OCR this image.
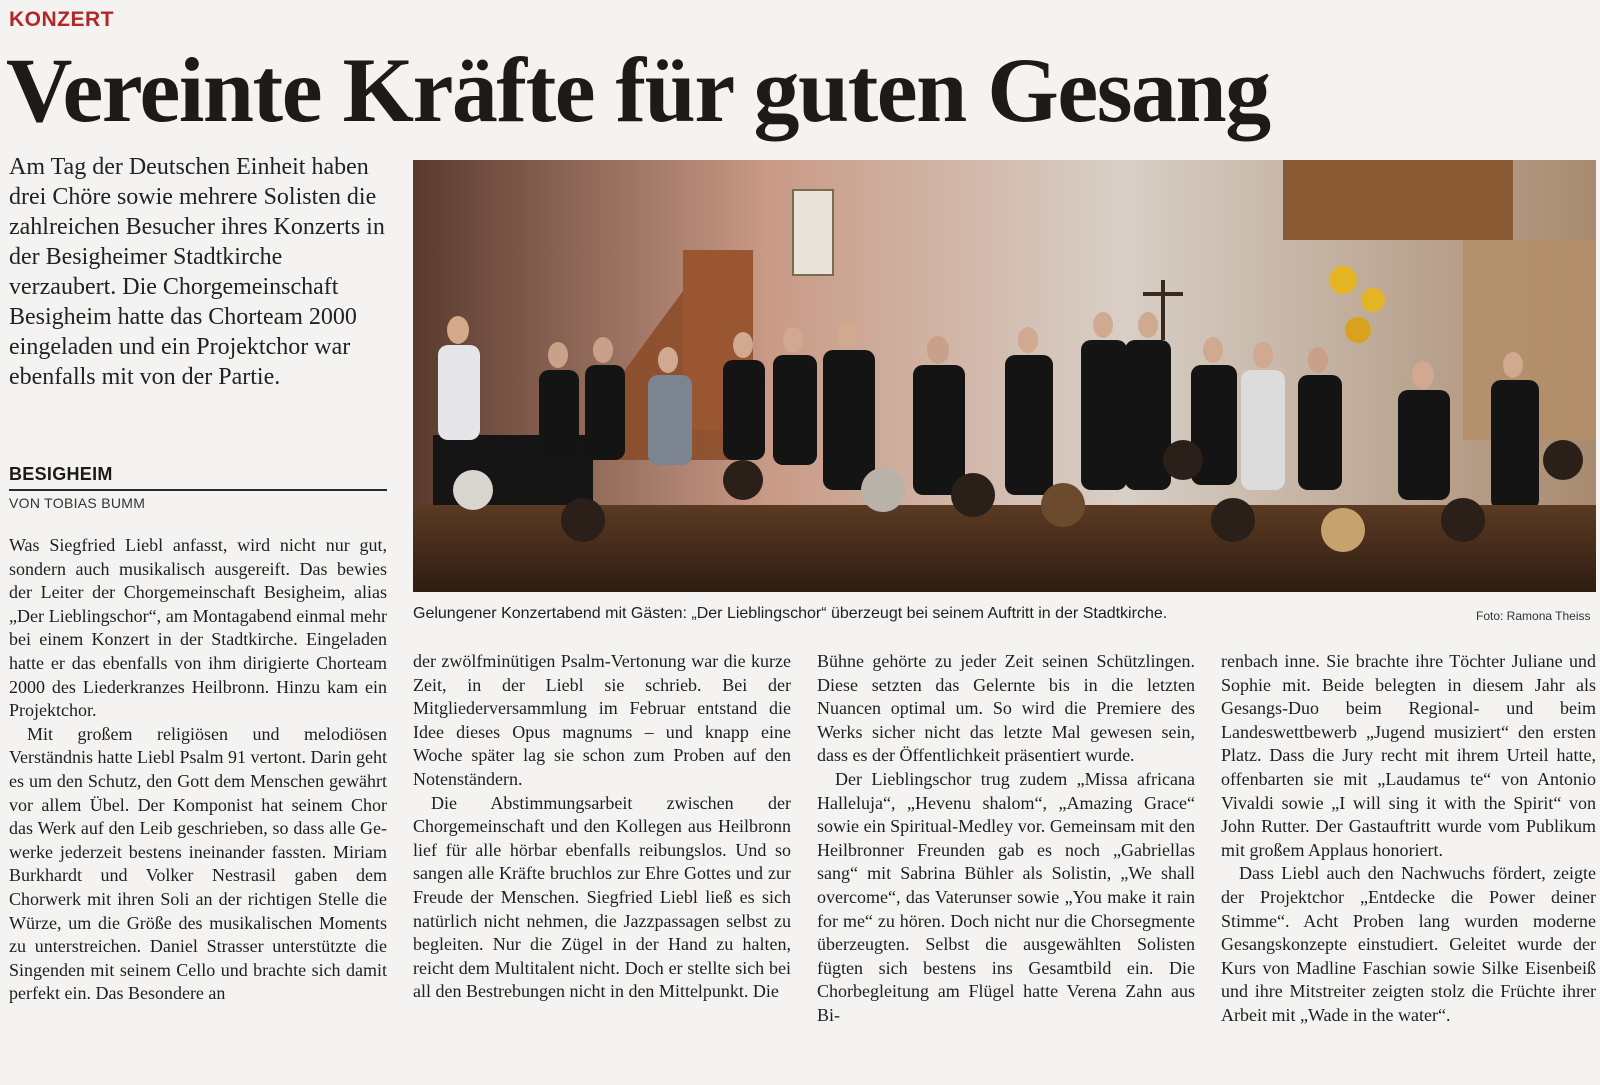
KONZERT
Vereinte Kräfte für guten Gesang
Am Tag der Deutschen Einheit haben drei Chöre sowie mehrere Solisten die zahlreichen Besucher ihres Konzerts in der Besigheimer Stadtkirche verzaubert. Die Chorgemeinschaft Besigheim hatte das Chorteam 2000 eingeladen und ein Projektchor war ebenfalls mit von der Partie.
BESIGHEIM
VON TOBIAS BUMM
Gelungener Konzertabend mit Gästen: „Der Lieblingschor“ überzeugt bei seinem Auftritt in der Stadtkirche.	Foto: Ramona Theiss

Was Siegfried Liebl anfasst, wird nicht nur gut, sondern auch musikalisch ausgereift. Das bewies der Leiter der Chorgemeinschaft Besigheim, alias „Der Lieblingschor“, am Montagabend einmal mehr bei einem Konzert in der Stadtkirche. Eingeladen hatte er das ebenfalls von ihm dirigierte Chorteam 2000 des Liederkranzes Heilbronn. Hinzu kam ein Projektchor.

Mit großem religiösen und melodiösen Verständnis hatte Liebl Psalm 91 vertont. Darin geht es um den Schutz, den Gott dem Menschen gewährt vor allem Übel. Der Komponist hat seinem Chor das Werk auf den Leib geschrieben, so dass alle Gewerke jederzeit bestens ineinander fassten. Miriam Burkhardt und Volker Nestrasil gaben dem Chorwerk mit ihren Soli an der richtigen Stelle die Würze, um die Größe des musikalischen Moments zu unterstreichen. Daniel Strasser unterstützte die Singenden mit seinem Cello und brachte sich damit perfekt ein. Das Besondere an

der zwölfminütigen Psalm-Vertonung war die kurze Zeit, in der Liebl sie schrieb. Bei der Mitgliederversammlung im Februar entstand die Idee dieses Opus magnums – und knapp eine Woche später lag sie schon zum Proben auf den Notenständern.

Die Abstimmungsarbeit zwischen der Chorgemeinschaft und den Kollegen aus Heilbronn lief für alle hörbar ebenfalls reibungslos. Und so sangen alle Kräfte bruchlos zur Ehre Gottes und zur Freude der Menschen. Siegfried Liebl ließ es sich natürlich nicht nehmen, die Jazzpassagen selbst zu begleiten. Nur die Zügel in der Hand zu halten, reicht dem Multitalent nicht. Doch er stellte sich bei all den Bestrebungen nicht in den Mittelpunkt. Die

Bühne gehörte zu jeder Zeit seinen Schützlingen. Diese setzten das Gelernte bis in die letzten Nuancen optimal um. So wird die Premiere des Werks sicher nicht das letzte Mal gewesen sein, dass es der Öffentlichkeit präsentiert wurde.

Der Lieblingschor trug zudem „Missa africana Halleluja“, „Hevenu shalom“, „Amazing Grace“ sowie ein Spiritual-Medley vor. Gemeinsam mit den Heilbronner Freunden gab es noch „Gabriellas sang“ mit Sabrina Bühler als Solistin, „We shall overcome“, das Vaterunser sowie „You make it rain for me“ zu hören. Doch nicht nur die Chorsegmente überzeugten. Selbst die ausgewählten Solisten fügten sich bestens ins Gesamtbild ein. Die Chorbegleitung am Flügel hatte Verena Zahn aus Bi-

renbach inne. Sie brachte ihre Töchter Juliane und Sophie mit. Beide belegten in diesem Jahr als Gesangs-Duo beim Regional- und beim Landeswettbewerb „Jugend musiziert“ den ersten Platz. Dass die Jury recht mit ihrem Urteil hatte, offenbarten sie mit „Laudamus te“ von Antonio Vivaldi sowie „I will sing it with the Spirit“ von John Rutter. Der Gastauftritt wurde vom Publikum mit großem Applaus honoriert.

Dass Liebl auch den Nachwuchs fördert, zeigte der Projektchor „Entdecke die Power deiner Stimme“. Acht Proben lang wurden moderne Gesangskonzepte einstudiert. Geleitet wurde der Kurs von Madline Faschian sowie Silke Eisenbeiß und ihre Mitstreiter zeigten stolz die Früchte ihrer Arbeit mit „Wade in the water“.
